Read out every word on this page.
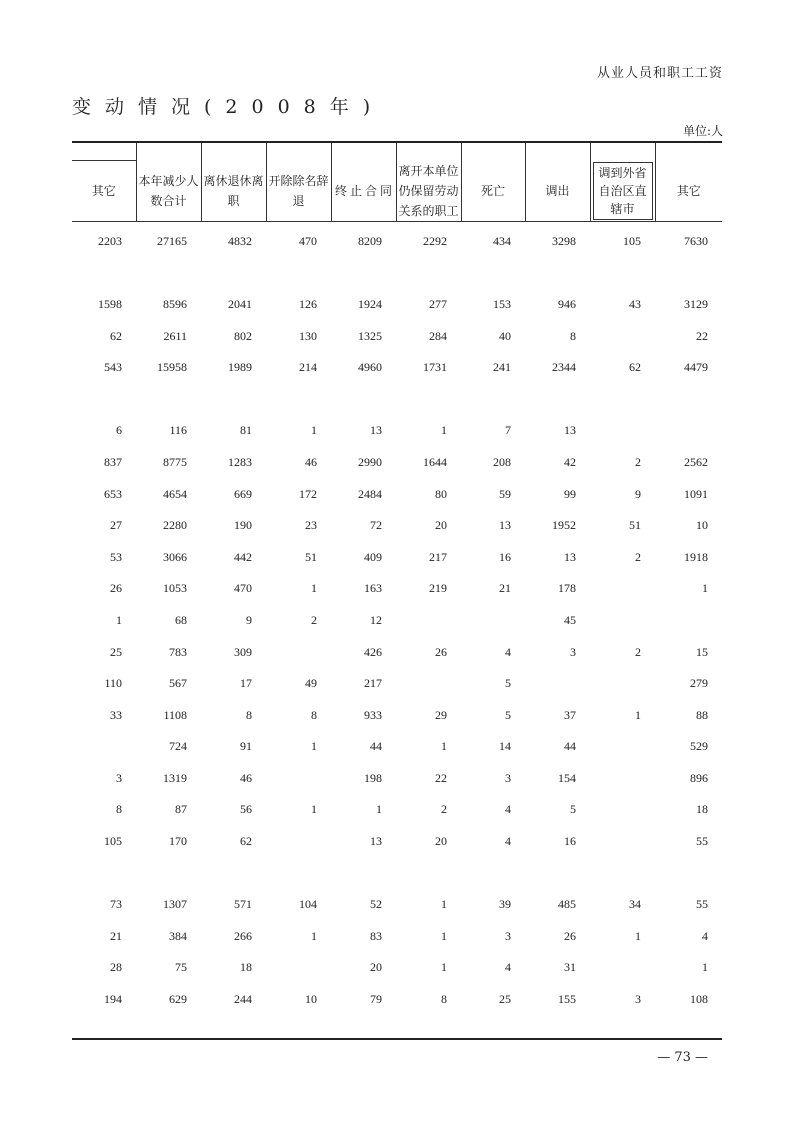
从业人员和职工工资
变动情况(2008年)
单位:人

其它	本年减少人数合计	离休退休离职	开除除名辞退	终 止 合 同	离开本单位仍保留劳动关系的职工	死亡	调出	调到外省自治区直辖市	其它
2203	27165	4832	470	8209	2292	434	3298	105	7630

1598	8596	2041	126	1924	277	153	946	43	3129
62	2611	802	130	1325	284	40	8		22
543	15958	1989	214	4960	1731	241	2344	62	4479

6	116	81	1	13	1	7	13		
837	8775	1283	46	2990	1644	208	42	2	2562
653	4654	669	172	2484	80	59	99	9	1091
27	2280	190	23	72	20	13	1952	51	10
53	3066	442	51	409	217	16	13	2	1918
26	1053	470	1	163	219	21	178		1
1	68	9	2	12			45		
25	783	309		426	26	4	3	2	15
110	567	17	49	217		5			279
33	1108	8	8	933	29	5	37	1	88
	724	91	1	44	1	14	44		529
3	1319	46		198	22	3	154		896
8	87	56	1	1	2	4	5		18
105	170	62		13	20	4	16		55

73	1307	571	104	52	1	39	485	34	55
21	384	266	1	83	1	3	26	1	4
28	75	18		20	1	4	31		1
194	629	244	10	79	8	25	155	3	108
— 73 —
